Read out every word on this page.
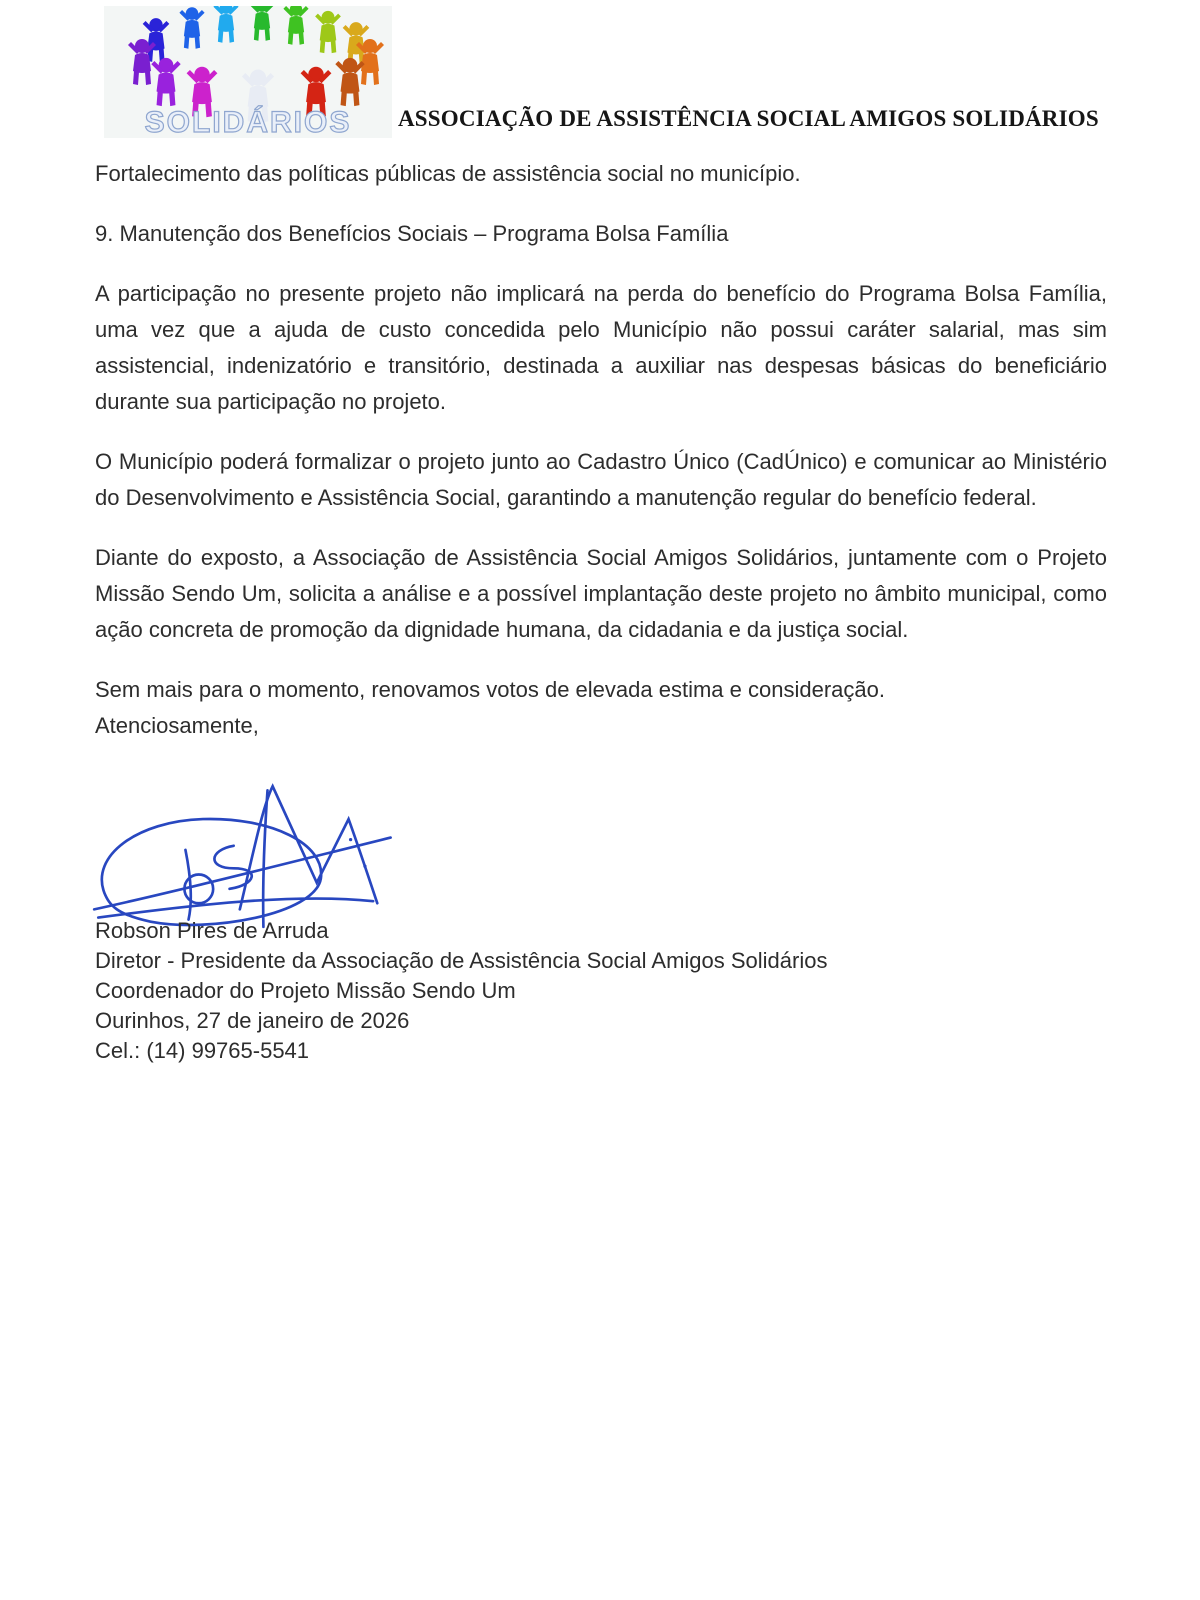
SOLIDÁRIOS ASSOCIAÇÃO DE ASSISTÊNCIA SOCIAL AMIGOS SOLIDÁRIOS

Fortalecimento das políticas públicas de assistência social no município.

9. Manutenção dos Benefícios Sociais – Programa Bolsa Família

A participação no presente projeto não implicará na perda do benefício do Programa Bolsa Família, uma vez que a ajuda de custo concedida pelo Município não possui caráter salarial, mas sim assistencial, indenizatório e transitório, destinada a auxiliar nas despesas básicas do beneficiário durante sua participação no projeto.

O Município poderá formalizar o projeto junto ao Cadastro Único (CadÚnico) e comunicar ao Ministério do Desenvolvimento e Assistência Social, garantindo a manutenção regular do benefício federal.

Diante do exposto, a Associação de Assistência Social Amigos Solidários, juntamente com o Projeto Missão Sendo Um, solicita a análise e a possível implantação deste projeto no âmbito municipal, como ação concreta de promoção da dignidade humana, da cidadania e da justiça social.

Sem mais para o momento, renovamos votos de elevada estima e consideração.

Atenciosamente,

Robson Pires de Arruda
Diretor - Presidente da Associação de Assistência Social Amigos Solidários
Coordenador do Projeto Missão Sendo Um
Ourinhos, 27 de janeiro de 2026
Cel.: (14) 99765-5541
